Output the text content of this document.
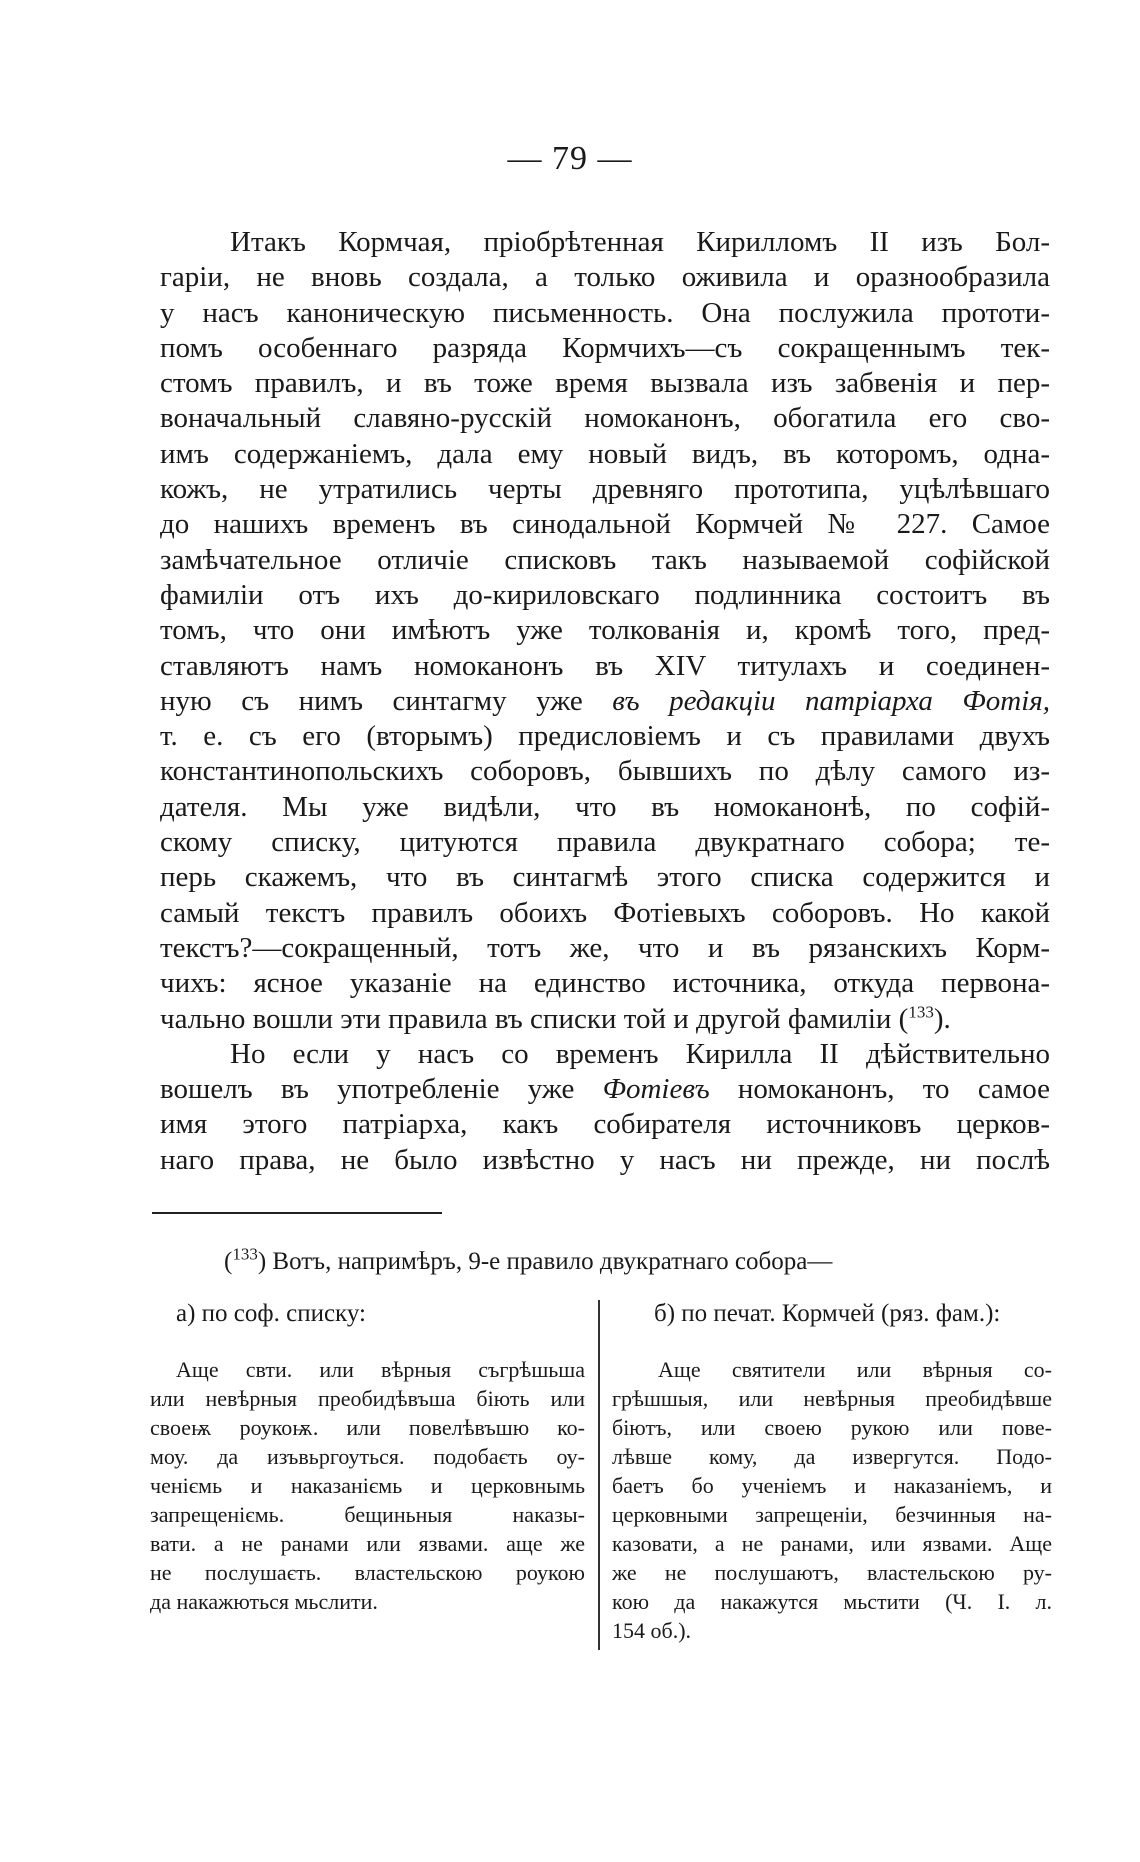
— 79 —
Итакъ Кормчая, пріобрѣтенная Кирилломъ II изъ Бол-
гаріи, не вновь создала, а только оживила и оразнообразила
у насъ каноническую письменность. Она послужила прототи-
помъ особеннаго разряда Кормчихъ—съ сокращеннымъ тек-
стомъ правилъ, и въ тоже время вызвала изъ забвенія и пер-
воначальный славяно-русскій номоканонъ, обогатила его сво-
имъ содержаніемъ, дала ему новый видъ, въ которомъ, одна-
кожъ, не утратились черты древняго прототипа, уцѣлѣвшаго
до нашихъ временъ въ синодальной Кормчей № 227. Самое
замѣчательное отличіе списковъ такъ называемой софійской
фамиліи отъ ихъ до-кириловскаго подлинника состоитъ въ
томъ, что они имѣютъ уже толкованія и, кромѣ того, пред-
ставляютъ намъ номоканонъ въ XIV титулахъ и соединен-
ную съ нимъ синтагму уже въ редакціи патріарха Фотія,
т. е. съ его (вторымъ) предисловіемъ и съ правилами двухъ
константинопольскихъ соборовъ, бывшихъ по дѣлу самого из-
дателя. Мы уже видѣли, что въ номоканонѣ, по софій-
скому списку, цитуются правила двукратнаго собора; те-
перь скажемъ, что въ синтагмѣ этого списка содержится и
самый текстъ правилъ обоихъ Фотіевыхъ соборовъ. Но какой
текстъ?—сокращенный, тотъ же, что и въ рязанскихъ Корм-
чихъ: ясное указаніе на единство источника, откуда первона-
чально вошли эти правила въ списки той и другой фамиліи ($^{133}$).
Но если у насъ со временъ Кирилла II дѣйствительно
вошелъ въ употребленіе уже Фотіевъ номоканонъ, то самое
имя этого патріарха, какъ собирателя источниковъ церков-
наго права, не было извѣстно у насъ ни прежде, ни послѣ
($^{133}$) Вотъ, напримѣръ, 9-е правило двукратнаго собора—
а) по соф. списку:	б) по печат. Кормчей (ряз. фам.):
Аще свти. или вѣрныя съгрѣшьша
или невѣрныя преобидѣвъша біють или
своеѭ роукоѭ. или повелѣвъшю ко-
моу. да изъвьргоуться. подобаєть оу-
ченіємь и наказаніємь и церковнымь
запрещеніємь. бещиньныя наказы-
вати. а не ранами или язвами. аще же
не послушаєть. властельскою роукою
да накажються мьслити.
Аще святители или вѣрныя со-
грѣшшыя, или невѣрныя преобидѣвше
біютъ, или своею рукою или пове-
лѣвше кому, да извергутся. Подо-
баетъ бо ученіемъ и наказаніемъ, и
церковными запрещеніи, безчинныя на-
казовати, а не ранами, или язвами. Аще
же не послушаютъ, властельскою ру-
кою да накажутся мьстити (Ч. I. л.
154 об.).
